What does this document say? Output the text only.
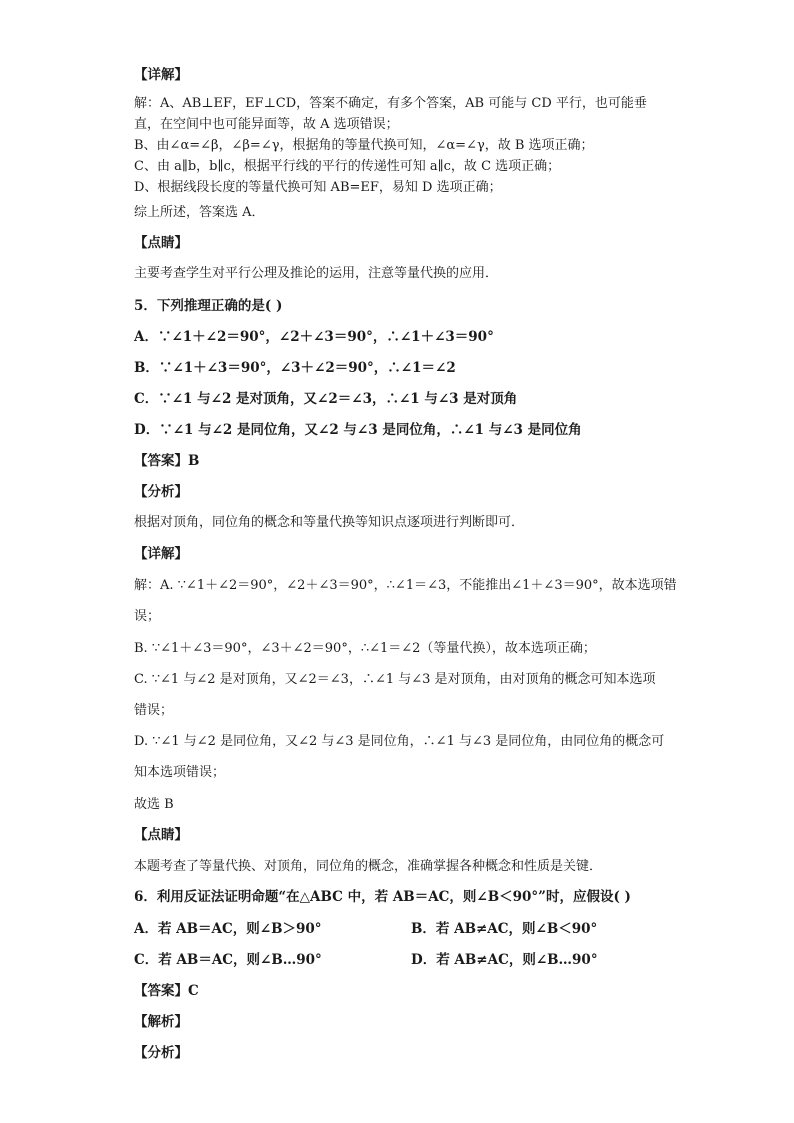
【详解】
解：A、AB⊥EF，EF⊥CD，答案不确定，有多个答案，AB 可能与 CD 平行，也可能垂
直，在空间中也可能异面等，故 A 选项错误；
B、由∠α=∠β，∠β=∠γ，根据角的等量代换可知，∠α=∠γ，故 B 选项正确；
C、由 a∥b，b∥c，根据平行线的平行的传递性可知 a∥c，故 C 选项正确；
D、根据线段长度的等量代换可知 AB=EF，易知 D 选项正确；
综上所述，答案选 A．
【点睛】
主要考查学生对平行公理及推论的运用，注意等量代换的应用．
5．下列推理正确的是( )
A．∵∠1＋∠2＝90°，∠2＋∠3＝90°，∴∠1＋∠3＝90°
B．∵∠1＋∠3＝90°，∠3＋∠2＝90°，∴∠1＝∠2
C．∵∠1 与∠2 是对顶角，又∠2＝∠3，∴∠1 与∠3 是对顶角
D．∵∠1 与∠2 是同位角，又∠2 与∠3 是同位角，∴∠1 与∠3 是同位角
【答案】B
【分析】
根据对顶角，同位角的概念和等量代换等知识点逐项进行判断即可．
【详解】
解：A. ∵∠1＋∠2＝90°，∠2＋∠3＝90°，∴∠1＝∠3，不能推出∠1＋∠3＝90°，故本选项错
误；
B. ∵∠1＋∠3＝90°，∠3＋∠2＝90°，∴∠1＝∠2（等量代换），故本选项正确；
C. ∵∠1 与∠2 是对顶角，又∠2＝∠3，∴∠1 与∠3 是对顶角，由对顶角的概念可知本选项
错误；
D. ∵∠1 与∠2 是同位角，又∠2 与∠3 是同位角，∴∠1 与∠3 是同位角，由同位角的概念可
知本选项错误；
故选 B
【点睛】
本题考查了等量代换、对顶角，同位角的概念，准确掌握各种概念和性质是关键．
6．利用反证法证明命题“在△ABC 中，若 AB＝AC，则∠B＜90°”时，应假设( )
A．若 AB＝AC，则∠B＞90°	B．若 AB≠AC，则∠B＜90°
C．若 AB＝AC，则∠B…90°	D．若 AB≠AC，则∠B…90°
【答案】C
【解析】
【分析】
